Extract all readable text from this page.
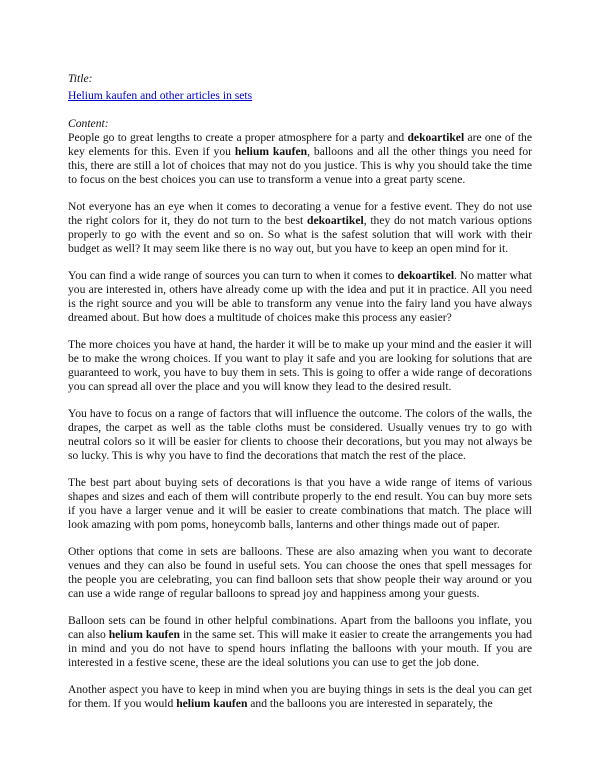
Title:
Helium kaufen and other articles in sets
Content:

People go to great lengths to create a proper atmosphere for a party and dekoartikel are one of the key elements for this. Even if you helium kaufen, balloons and all the other things you need for this, there are still a lot of choices that may not do you justice. This is why you should take the time to focus on the best choices you can use to transform a venue into a great party scene.

Not everyone has an eye when it comes to decorating a venue for a festive event. They do not use the right colors for it, they do not turn to the best dekoartikel, they do not match various options properly to go with the event and so on. So what is the safest solution that will work with their budget as well? It may seem like there is no way out, but you have to keep an open mind for it.

You can find a wide range of sources you can turn to when it comes to dekoartikel. No matter what you are interested in, others have already come up with the idea and put it in practice. All you need is the right source and you will be able to transform any venue into the fairy land you have always dreamed about. But how does a multitude of choices make this process any easier?

The more choices you have at hand, the harder it will be to make up your mind and the easier it will be to make the wrong choices. If you want to play it safe and you are looking for solutions that are guaranteed to work, you have to buy them in sets. This is going to offer a wide range of decorations you can spread all over the place and you will know they lead to the desired result.

You have to focus on a range of factors that will influence the outcome. The colors of the walls, the drapes, the carpet as well as the table cloths must be considered. Usually venues try to go with neutral colors so it will be easier for clients to choose their decorations, but you may not always be so lucky. This is why you have to find the decorations that match the rest of the place.

The best part about buying sets of decorations is that you have a wide range of items of various shapes and sizes and each of them will contribute properly to the end result. You can buy more sets if you have a larger venue and it will be easier to create combinations that match. The place will look amazing with pom poms, honeycomb balls, lanterns and other things made out of paper.

Other options that come in sets are balloons. These are also amazing when you want to decorate venues and they can also be found in useful sets. You can choose the ones that spell messages for the people you are celebrating, you can find balloon sets that show people their way around or you can use a wide range of regular balloons to spread joy and happiness among your guests.

Balloon sets can be found in other helpful combinations. Apart from the balloons you inflate, you can also helium kaufen in the same set. This will make it easier to create the arrangements you had in mind and you do not have to spend hours inflating the balloons with your mouth. If you are interested in a festive scene, these are the ideal solutions you can use to get the job done.

Another aspect you have to keep in mind when you are buying things in sets is the deal you can get for them. If you would helium kaufen and the balloons you are interested in separately, the
